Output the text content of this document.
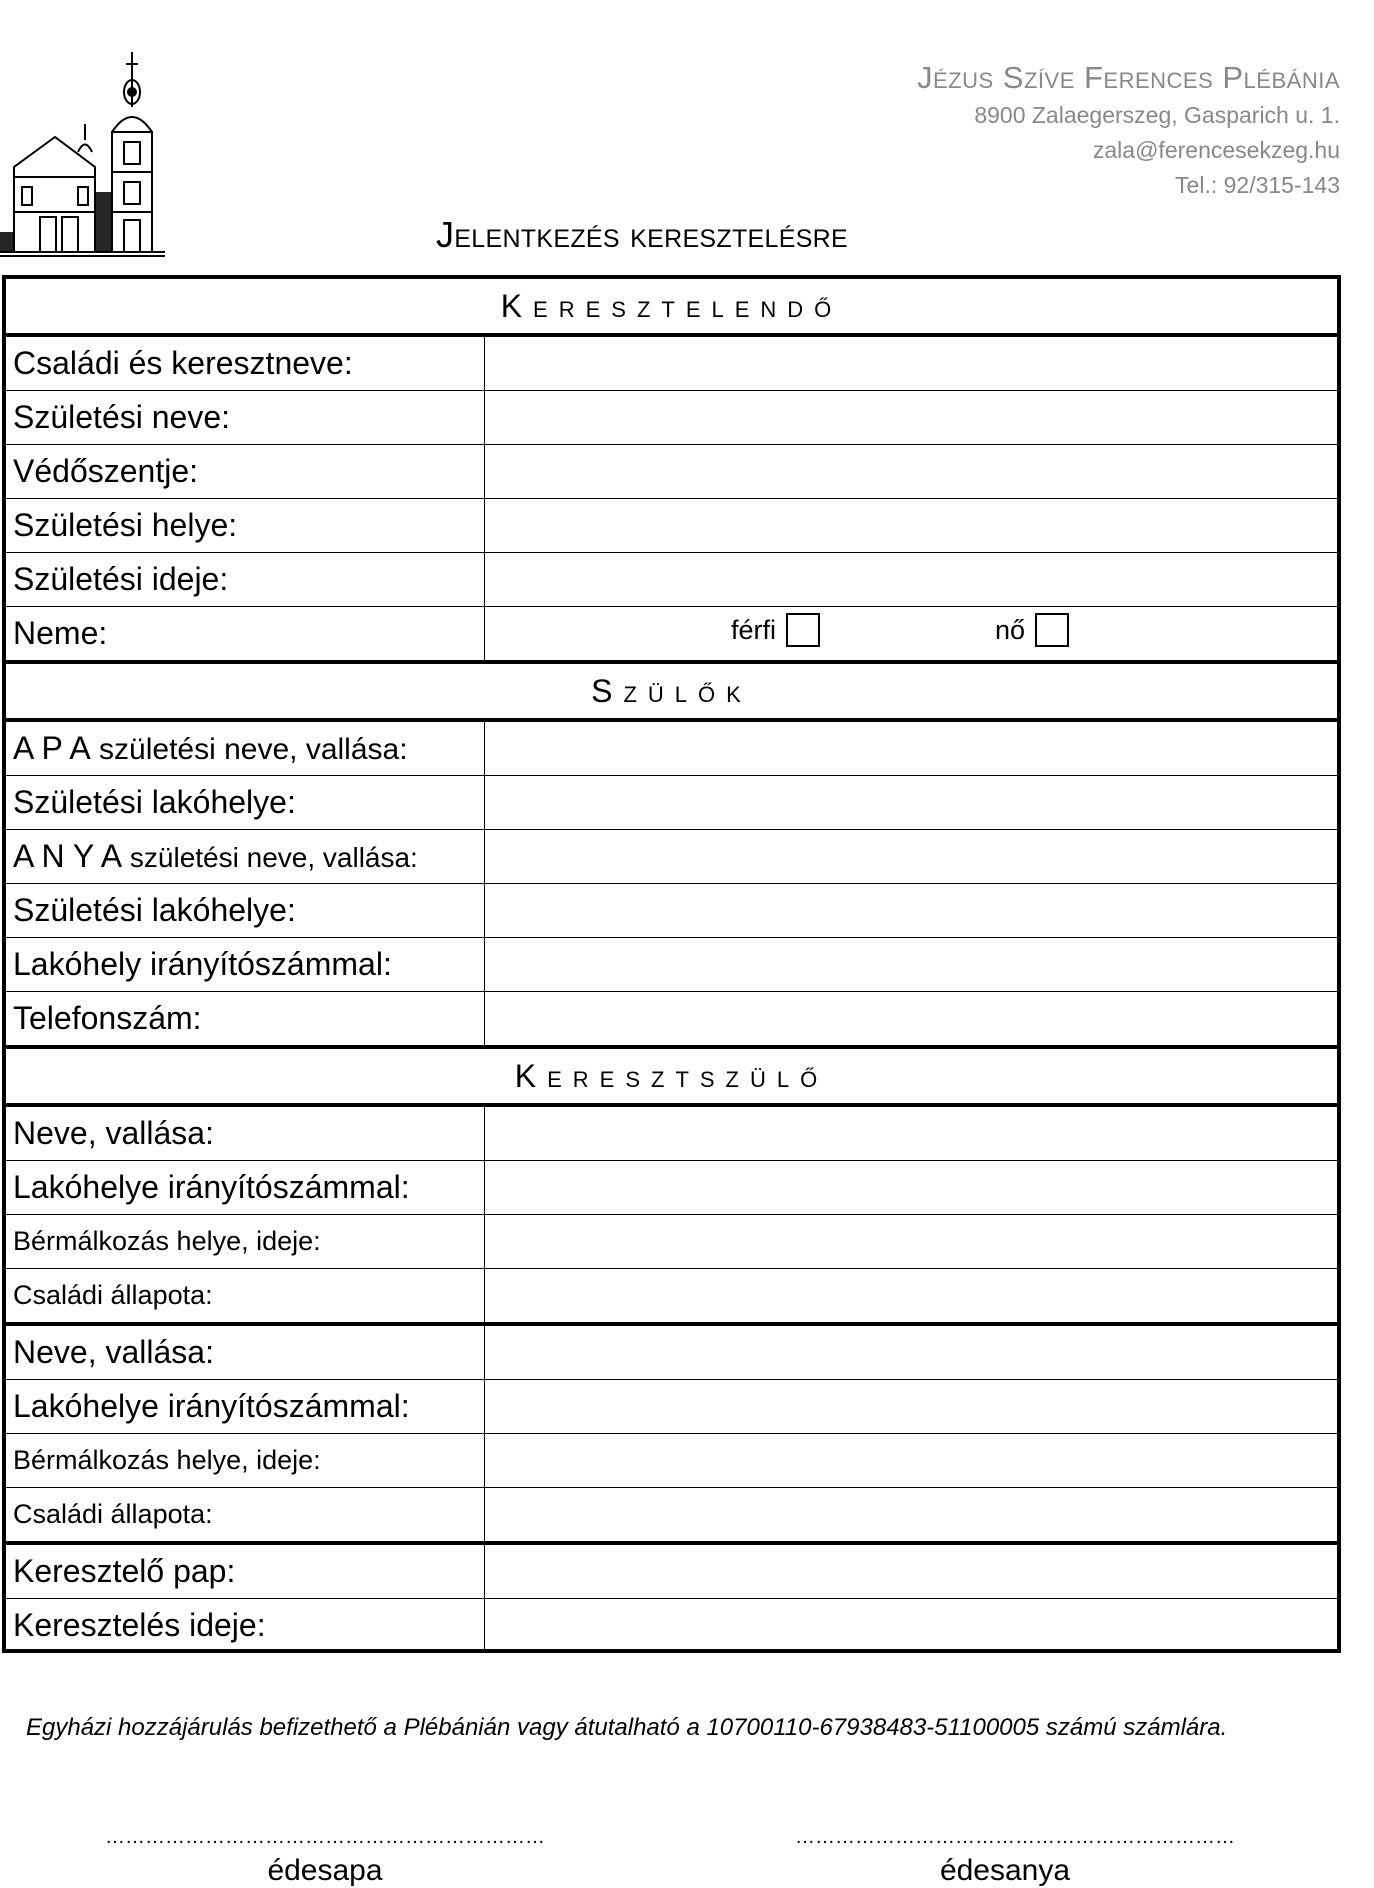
Jézus Szíve Ferences Plébánia
8900 Zalaegerszeg, Gasparich u. 1.
zala@ferencesekzeg.hu
Tel.: 92/315-143
Jelentkezés keresztelésre
Keresztelendő	
Családi és keresztneve:	
Születési neve:	
Védőszentje:	
Születési helye:	
Születési ideje:	
Neme:	férfi nő

Szülők	
A P A születési neve, vallása:	
Születési lakóhelye:	
A N Y A születési neve, vallása:	
Születési lakóhelye:	
Lakóhely irányítószámmal:	
Telefonszám:	
Keresztszülő	
Neve, vallása:	
Lakóhelye irányítószámmal:	
Bérmálkozás helye, ideje:	
Családi állapota:	
Neve, vallása:	
Lakóhelye irányítószámmal:	
Bérmálkozás helye, ideje:	
Családi állapota:	
Keresztelő pap:	
Keresztelés ideje:	
Egyházi hozzájárulás befizethető a Plébánián vagy átutalható a 10700110-67938483-51100005 számú számlára.
…………………………………………………………
édesapa
…………………………………………………………
édesanya
